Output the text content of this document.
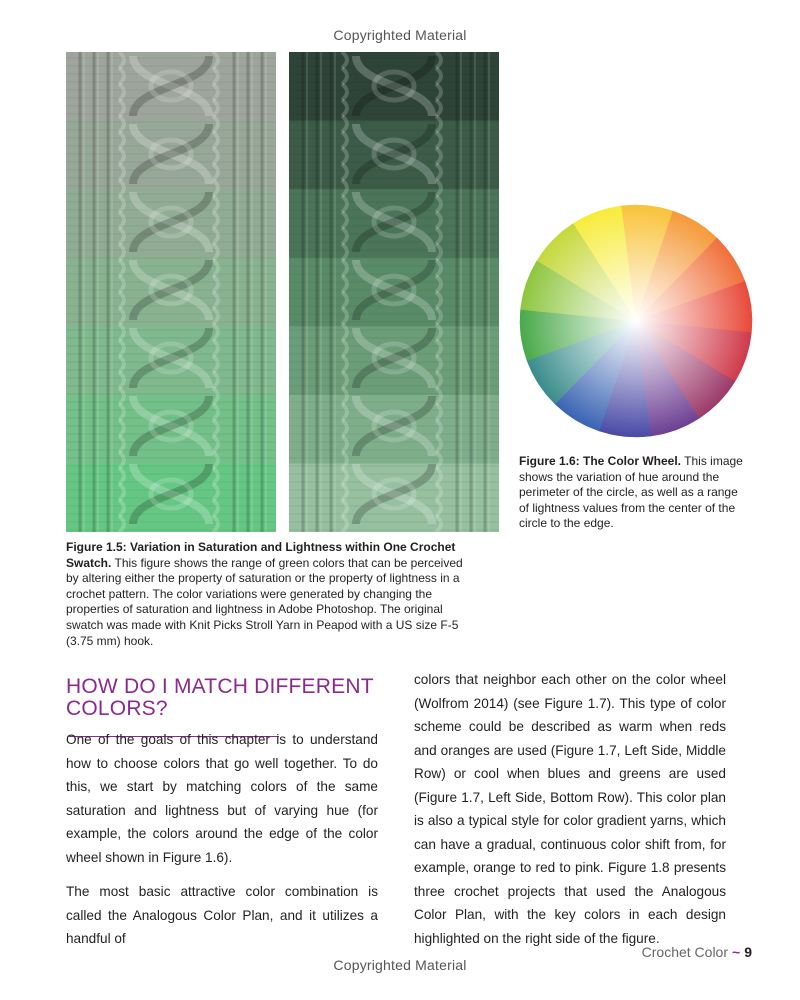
Copyrighted Material
Figure 1.6: The Color Wheel. This image shows the variation of hue around the perimeter of the circle, as well as a range of lightness values from the center of the circle to the edge.
Figure 1.5: Variation in Saturation and Lightness within One Crochet Swatch. This figure shows the range of green colors that can be perceived by altering either the property of saturation or the property of lightness in a crochet pattern. The color variations were generated by changing the properties of saturation and lightness in Adobe Photoshop. The original swatch was made with Knit Picks Stroll Yarn in Peapod with a US size F-5 (3.75 mm) hook.
HOW DO I MATCH DIFFERENT COLORS?

One of the goals of this chapter is to understand how to choose colors that go well together. To do this, we start by matching colors of the same saturation and lightness but of varying hue (for example, the colors around the edge of the color wheel shown in Figure 1.6).

The most basic attractive color combination is called the Analogous Color Plan, and it utilizes a handful of

colors that neighbor each other on the color wheel (Wolfrom 2014) (see Figure 1.7). This type of color scheme could be described as warm when reds and oranges are used (Figure 1.7, Left Side, Middle Row) or cool when blues and greens are used (Figure 1.7, Left Side, Bottom Row). This color plan is also a typical style for color gradient yarns, which can have a gradual, continuous color shift from, for example, orange to red to pink. Figure 1.8 presents three crochet projects that used the Analogous Color Plan, with the key colors in each design highlighted on the right side of the figure.

Crochet Color ~ 9
Copyrighted Material
